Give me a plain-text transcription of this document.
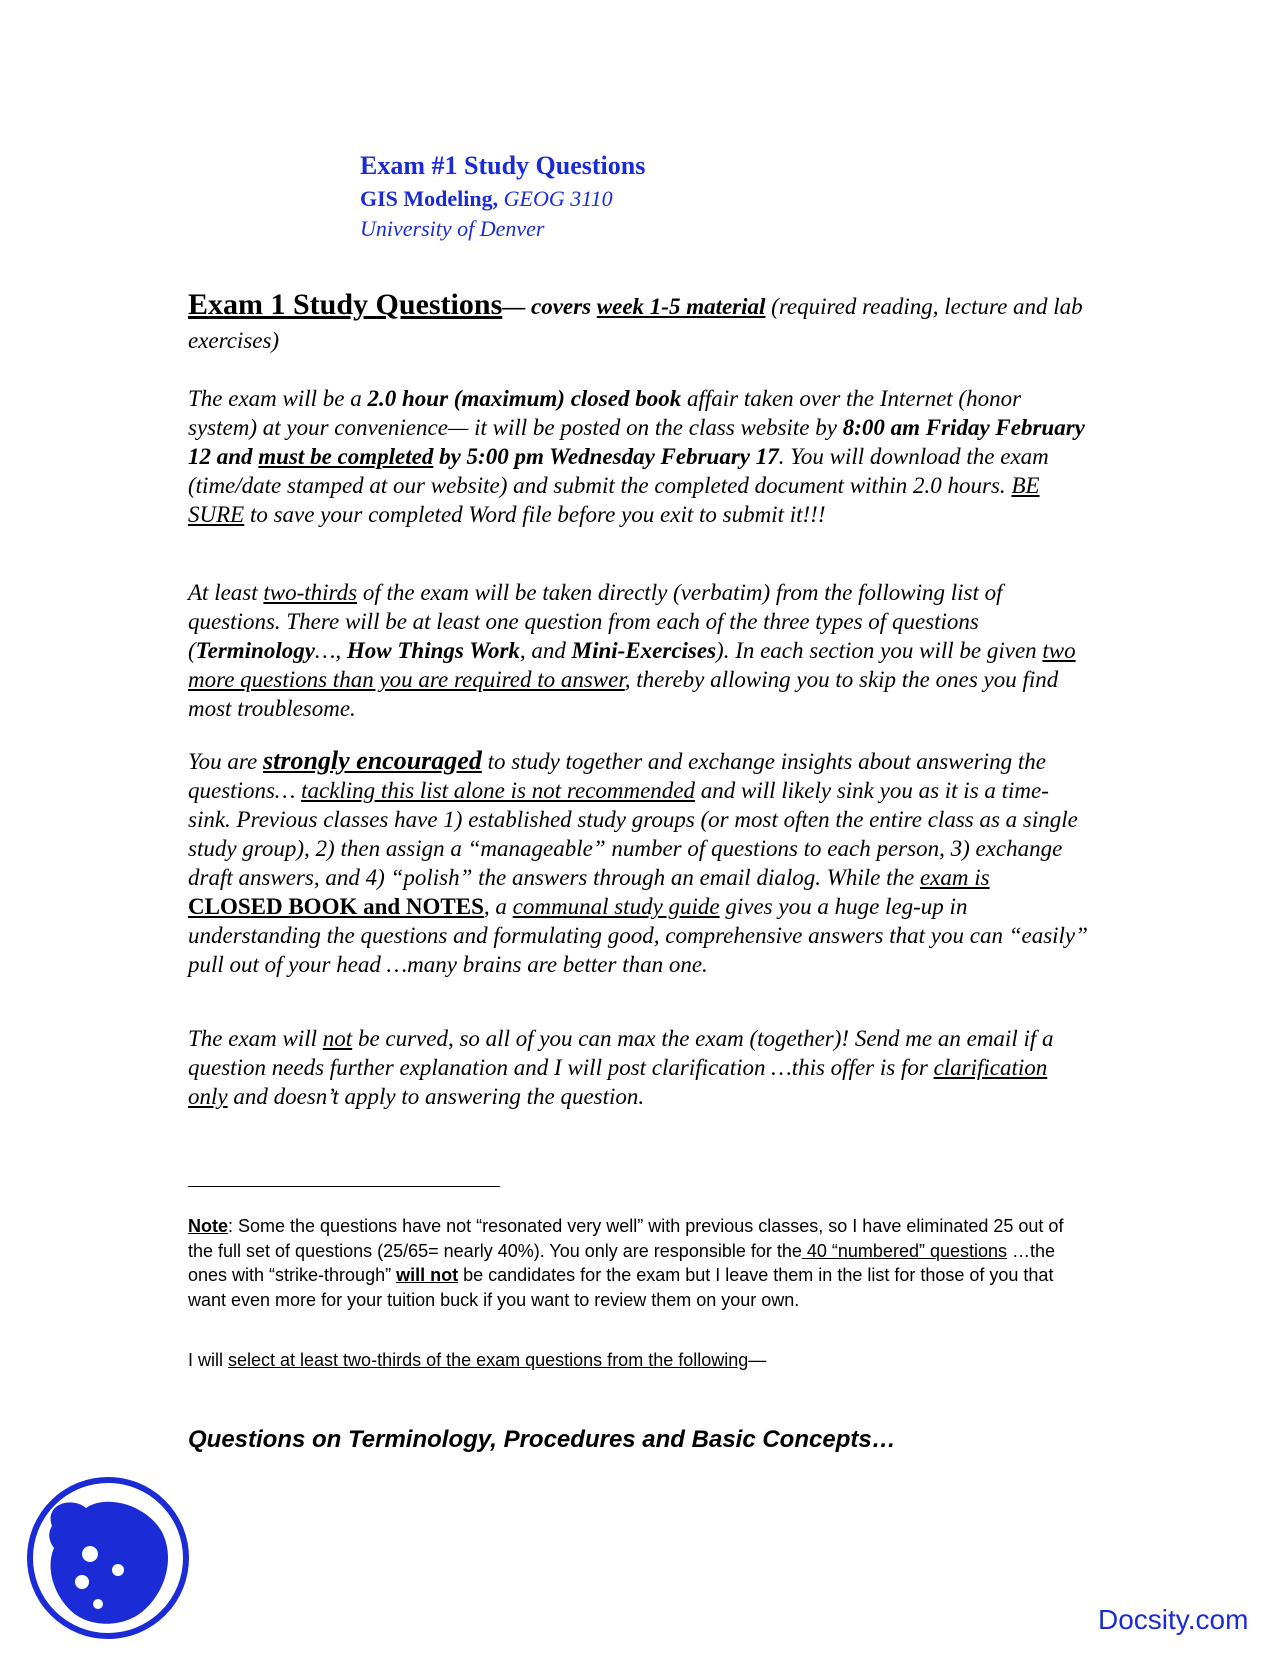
Exam #1 Study Questions
GIS Modeling, GEOG 3110
University of Denver

Exam 1 Study Questions— covers week 1-5 material (required reading, lecture and lab exercises)

The exam will be a 2.0 hour (maximum) closed book affair taken over the Internet (honor system) at your convenience— it will be posted on the class website by 8:00 am Friday February 12 and must be completed by 5:00 pm Wednesday February 17. You will download the exam (time/date stamped at our website) and submit the completed document within 2.0 hours. BE SURE to save your completed Word file before you exit to submit it!!!

At least two-thirds of the exam will be taken directly (verbatim) from the following list of questions. There will be at least one question from each of the three types of questions (Terminology…, How Things Work, and Mini-Exercises). In each section you will be given two more questions than you are required to answer, thereby allowing you to skip the ones you find most troublesome.

You are strongly encouraged to study together and exchange insights about answering the questions… tackling this list alone is not recommended and will likely sink you as it is a time-sink. Previous classes have 1) established study groups (or most often the entire class as a single study group), 2) then assign a “manageable” number of questions to each person, 3) exchange draft answers, and 4) “polish” the answers through an email dialog. While the exam is CLOSED BOOK and NOTES, a communal study guide gives you a huge leg-up in understanding the questions and formulating good, comprehensive answers that you can “easily” pull out of your head …many brains are better than one.

The exam will not be curved, so all of you can max the exam (together)! Send me an email if a question needs further explanation and I will post clarification …this offer is for clarification only and doesn’t apply to answering the question.

Note: Some the questions have not “resonated very well” with previous classes, so I have eliminated 25 out of the full set of questions (25/65= nearly 40%). You only are responsible for the 40 “numbered” questions …the ones with “strike-through” will not be candidates for the exam but I leave them in the list for those of you that want even more for your tuition buck if you want to review them on your own.
I will select at least two-thirds of the exam questions from the following—
Questions on Terminology, Procedures and Basic Concepts…
Docsity.com
